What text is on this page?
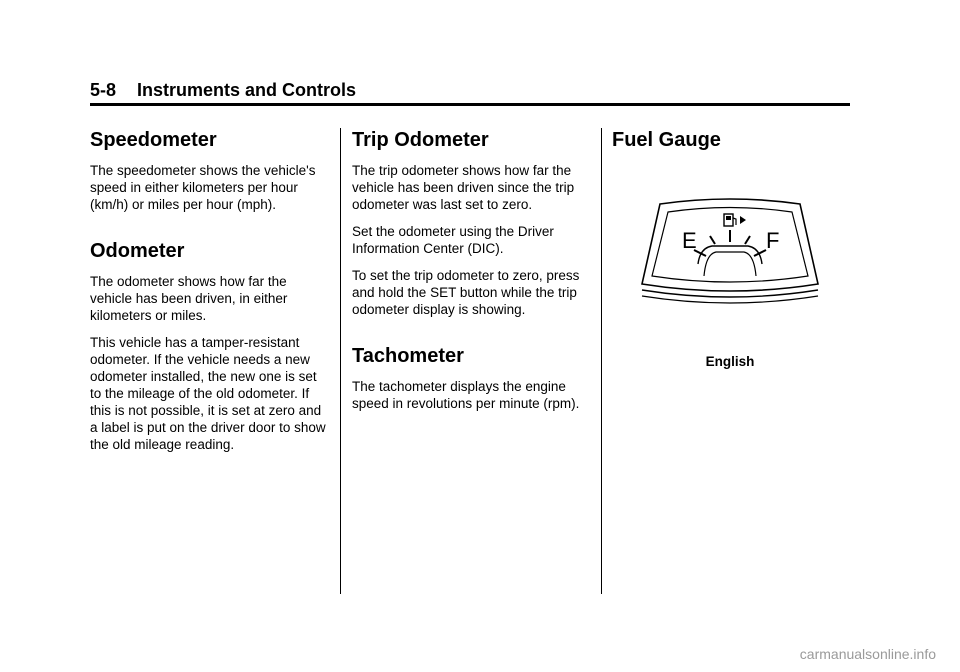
5-8 Instruments and Controls
Speedometer

The speedometer shows the vehicle's speed in either kilometers per hour (km/h) or miles per hour (mph).

Odometer

The odometer shows how far the vehicle has been driven, in either kilometers or miles.

This vehicle has a tamper-resistant odometer. If the vehicle needs a new odometer installed, the new one is set to the mileage of the old odometer. If this is not possible, it is set at zero and a label is put on the driver door to show the old mileage reading.

Trip Odometer

The trip odometer shows how far the vehicle has been driven since the trip odometer was last set to zero.

Set the odometer using the Driver Information Center (DIC).

To set the trip odometer to zero, press and hold the SET button while the trip odometer display is showing.

Tachometer

The tachometer displays the engine speed in revolutions per minute (rpm).

Fuel Gauge
E	F
English
carmanualsonline.info
